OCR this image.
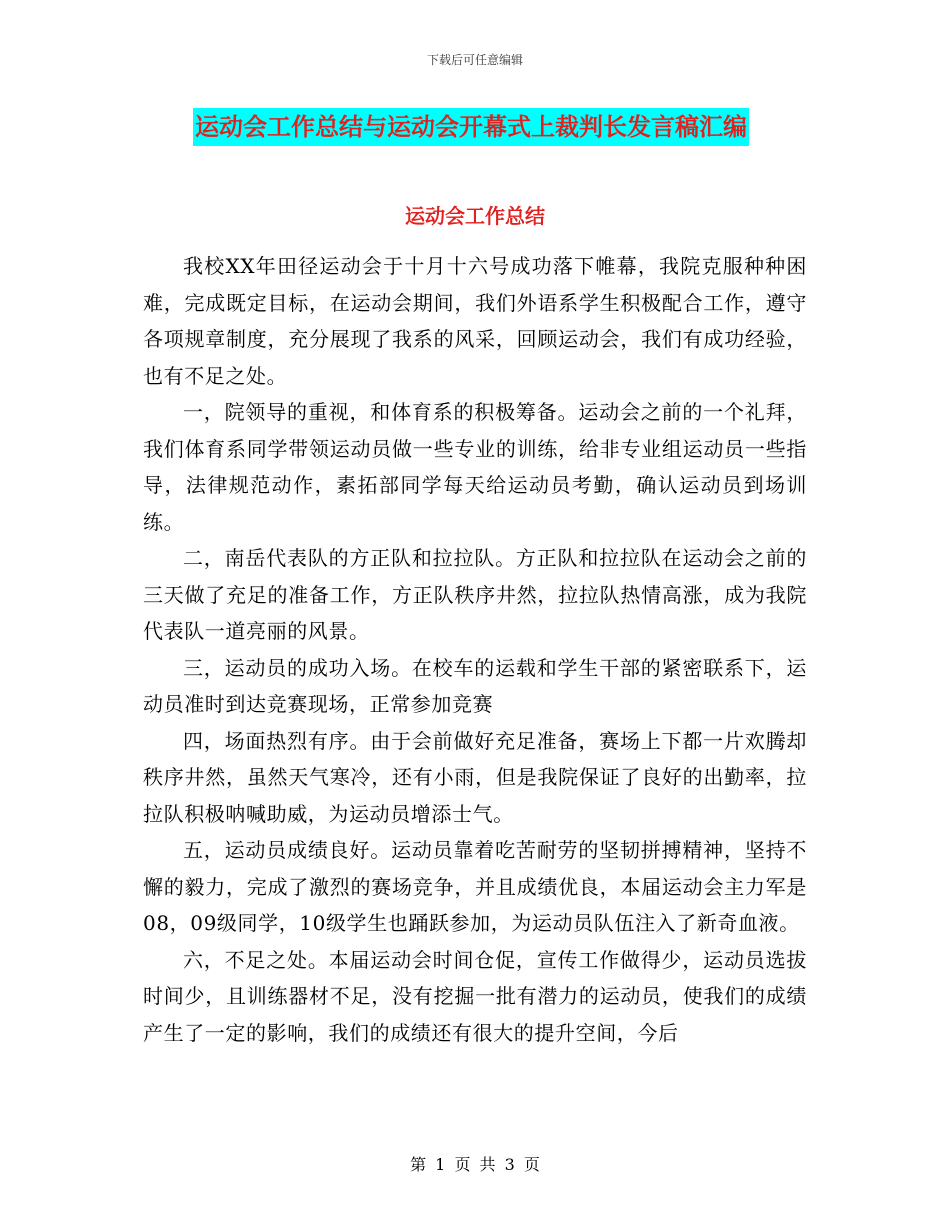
下载后可任意编辑
运动会工作总结与运动会开幕式上裁判长发言稿汇编
运动会工作总结

我校XX年田径运动会于十月十六号成功落下帷幕，我院克服种种困难，完成既定目标，在运动会期间，我们外语系学生积极配合工作，遵守各项规章制度，充分展现了我系的风采，回顾运动会，我们有成功经验，也有不足之处。

一，院领导的重视，和体育系的积极筹备。运动会之前的一个礼拜，我们体育系同学带领运动员做一些专业的训练，给非专业组运动员一些指导，法律规范动作，素拓部同学每天给运动员考勤，确认运动员到场训练。

二，南岳代表队的方正队和拉拉队。方正队和拉拉队在运动会之前的三天做了充足的准备工作，方正队秩序井然，拉拉队热情高涨，成为我院代表队一道亮丽的风景。

三，运动员的成功入场。在校车的运载和学生干部的紧密联系下，运动员准时到达竞赛现场，正常参加竞赛

四，场面热烈有序。由于会前做好充足准备，赛场上下都一片欢腾却秩序井然，虽然天气寒冷，还有小雨，但是我院保证了良好的出勤率，拉拉队积极呐喊助威，为运动员增添士气。

五，运动员成绩良好。运动员靠着吃苦耐劳的坚韧拼搏精神，坚持不懈的毅力，完成了激烈的赛场竞争，并且成绩优良，本届运动会主力军是08，09级同学，10级学生也踊跃参加，为运动员队伍注入了新奇血液。

六，不足之处。本届运动会时间仓促，宣传工作做得少，运动员选拔时间少，且训练器材不足，没有挖掘一批有潜力的运动员，使我们的成绩产生了一定的影响，我们的成绩还有很大的提升空间，今后

第 1 页 共 3 页
